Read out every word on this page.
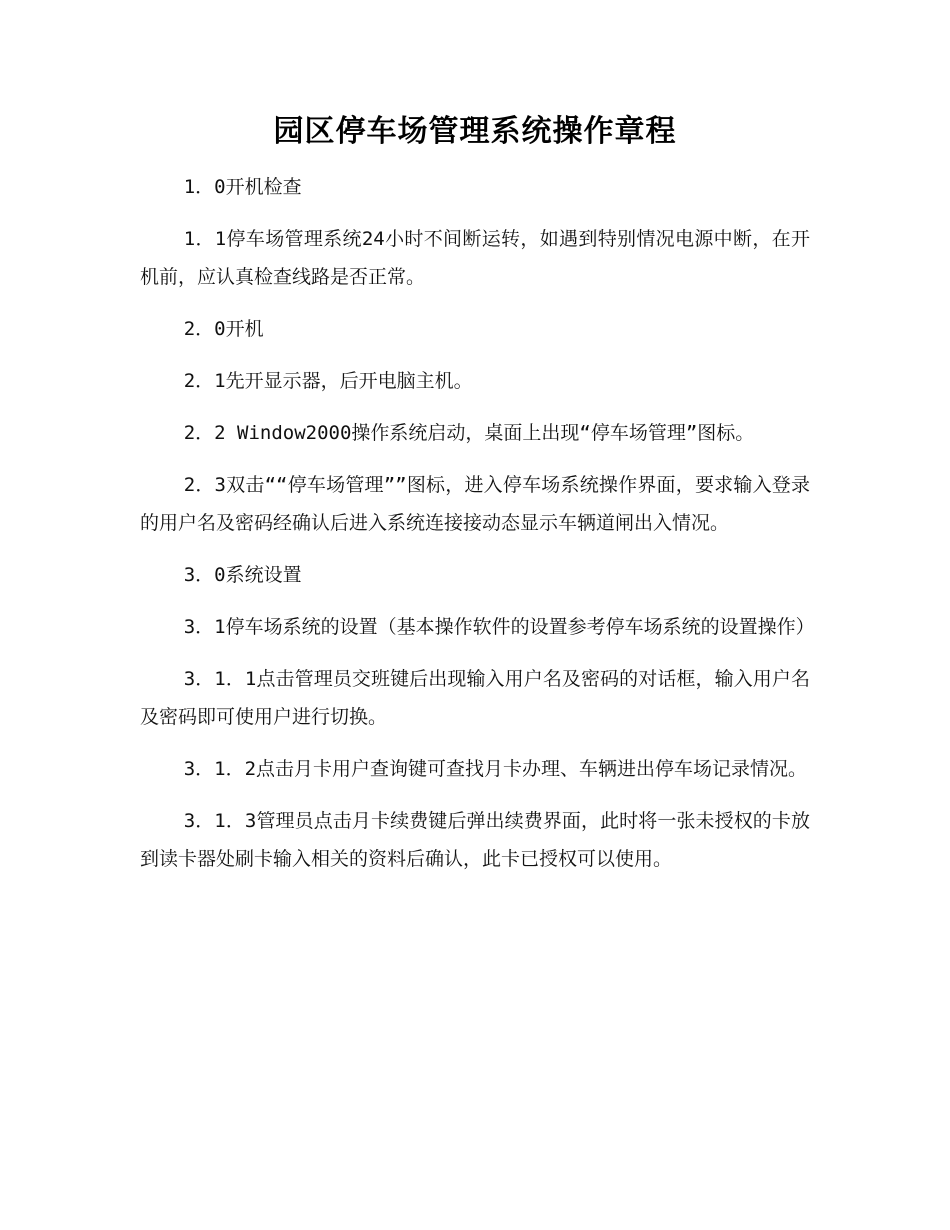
园区停车场管理系统操作章程

1．0开机检查

1．1停车场管理系统24小时不间断运转，如遇到特别情况电源中断，在开机前，应认真检查线路是否正常。

2．0开机

2．1先开显示器，后开电脑主机。

2．2 Window2000操作系统启动，桌面上出现“停车场管理”图标。

2．3双击““停车场管理””图标，进入停车场系统操作界面，要求输入登录的用户名及密码经确认后进入系统连接接动态显示车辆道闸出入情况。

3．0系统设置

3．1停车场系统的设置（基本操作软件的设置参考停车场系统的设置操作）

3．1．1点击管理员交班键后出现输入用户名及密码的对话框，输入用户名及密码即可使用户进行切换。

3．1．2点击月卡用户查询键可查找月卡办理、车辆进出停车场记录情况。

3．1．3管理员点击月卡续费键后弹出续费界面，此时将一张未授权的卡放到读卡器处刷卡输入相关的资料后确认，此卡已授权可以使用。
